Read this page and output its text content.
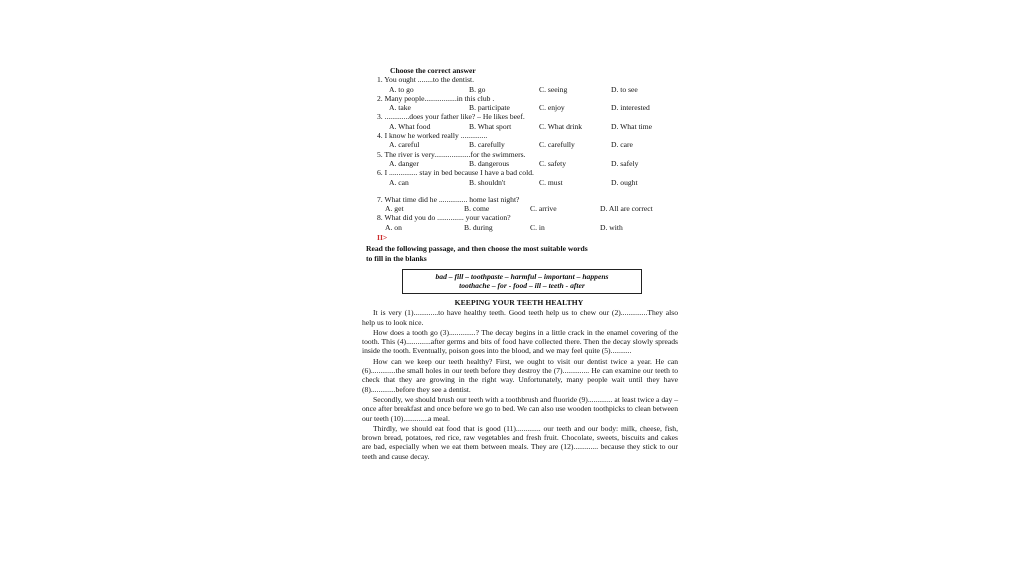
Choose the correct answer
1. You ought ........to the dentist.
A. to go	B. go	C. seeing	D. to see
2. Many people.................in this club .
A. take	B. participate	C. enjoy	D. interested
3. .............does your father like? – He likes beef.
A. What food	B. What sport	C. What drink	D. What time
4. I know he worked really ..............
A. careful	B. carefully	C. carefully	D. care
5. The river is very...................for the swimmers.
A. danger	B. dangerous	C. safety	D. safely
6. I ............... stay in bed because I have a bad cold.
A. can	B. shouldn't	C. must	D. ought
7. What time did he ............... home last night?
A. get	B. come	C. arrive	D. All are correct
8. What did you do .............. your vacation?
A. on	B. during	C. in	D. with
II>
Read the following passage, and then choose the most suitable words
to fill in the blanks
bad – fill – toothpaste – harmful – important – happens
toothache – for - food – ill – teeth - after
KEEPING YOUR TEETH HEALTHY
It is very (1).............to have healthy teeth. Good teeth help us to chew our (2)..............They also help us to look nice.
How does a tooth go (3)..............? The decay begins in a little crack in the enamel covering of the tooth. This (4).............after germs and bits of food have collected there. Then the decay slowly spreads inside the tooth. Eventually, poison goes into the blood, and we may feel quite (5)...........
How can we keep our teeth healthy? First, we ought to visit our dentist twice a year. He can (6).............the small holes in our teeth before they destroy the (7).............. He can examine our teeth to check that they are growing in the right way. Unfortunately, many people wait until they have (8).............before they see a dentist.
Secondly, we should brush our teeth with a toothbrush and fluoride (9)............. at least twice a day – once after breakfast and once before we go to bed. We can also use wooden toothpicks to clean between our teeth (10).............a meal.
Thirdly, we should eat food that is good (11)............. our teeth and our body: milk, cheese, fish, brown bread, potatoes, red rice, raw vegetables and fresh fruit. Chocolate, sweets, biscuits and cakes are bad, especially when we eat them between meals. They are (12)............. because they stick to our teeth and cause decay.
